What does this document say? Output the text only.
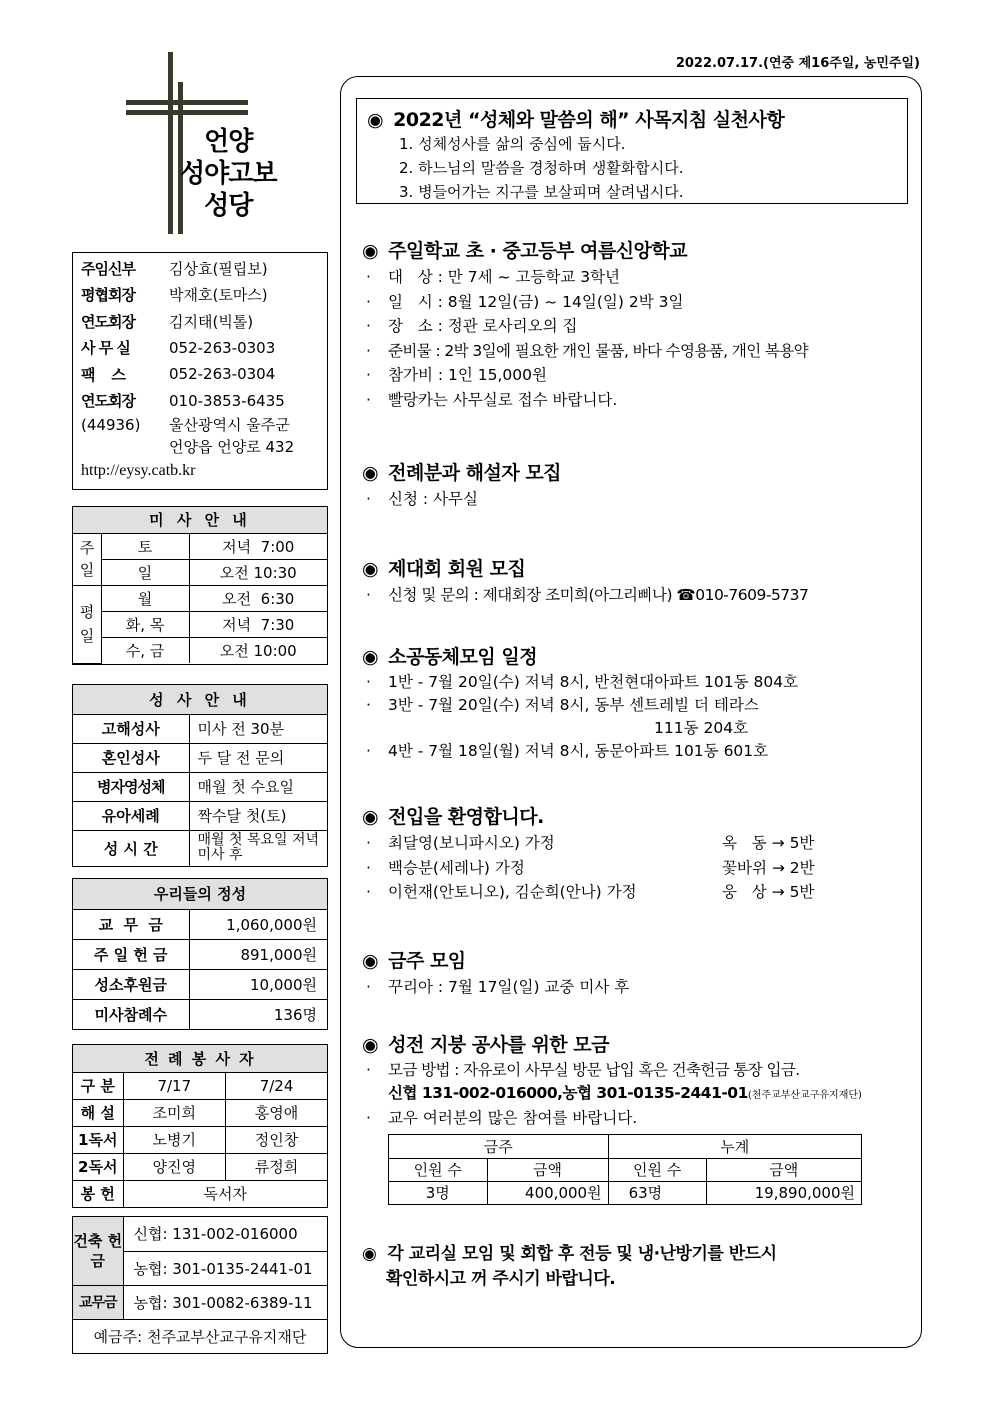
2022.07.17.(연중 제16주일, 농민주일)
언양
성야고보
성당
주임신부	김상효(필립보)
평협회장	박재호(토마스)
연도회장	김지태(빅톨)
사 무 실	052-263-0303
팩    스	052-263-0304
연도회장	010-3853-6435
(44936)	울산광역시 울주군
언양읍 언양로 432
http://eysy.catb.kr
미 사 안 내		
주일	토	저녁  7:00
	일	오전 10:30
평일	월	오전  6:30
	화, 목	저녁  7:30
	수, 금	오전 10:00
성 사 안 내	
고해성사	미사 전 30분
혼인성사	두 달 전 문의
병자영성체	매월 첫 수요일
유아세례	짝수달 첫(토)
성 시 간	매월 첫 목요일 저녁미사 후
우리들의 정성	
교  무  금	1,060,000원
주 일 헌 금	891,000원
성소후원금	10,000원
미사참례수	136명
전 례 봉 사 자		
구 분	7/17	7/24
해 설	조미희	홍영애
1독서	노병기	정인창
2독서	양진영	류정희
봉 헌	독서자	
건축 헌금	신협: 131-002-016000
	농협: 301-0135-2441-01
교무금	농협: 301-0082-6389-11
예금주: 천주교부산교구유지재단	
◉ 2022년 “성체와 말씀의 해” 사목지침 실천사항
1. 성체성사를 삶의 중심에 둡시다.
2. 하느님의 말씀을 경청하며 생활화합시다.
3. 병들어가는 지구를 보살피며 살려냅시다.
◉ 주일학교 초 · 중고등부 여름신앙학교
·	대   상 : 만 7세 ~ 고등학교 3학년
·	일   시 : 8월 12일(금) ~ 14일(일) 2박 3일
·	장   소 : 정관 로사리오의 집
·	준비물 : 2박 3일에 필요한 개인 물품, 바다 수영용품, 개인 복용약
·	참가비 : 1인 15,000원
·	빨랑카는 사무실로 접수 바랍니다.
◉ 전례분과 해설자 모집
·	신청 : 사무실
◉ 제대회 회원 모집
·	신청 및 문의 : 제대회장 조미희(아그리삐나) ☎010-7609-5737
◉ 소공동체모임 일정
·	1반 - 7월 20일(수) 저녁 8시, 반천현대아파트 101동 804호
·	3반 - 7월 20일(수) 저녁 8시, 동부 센트레빌 더 테라스
111동 204호
·	4반 - 7월 18일(월) 저녁 8시, 동문아파트 101동 601호
◉ 전입을 환영합니다.
·	최달영(보니파시오) 가정	옥   동 → 5반
·	백승분(세레나) 가정	꽃바위 → 2반
·	이헌재(안토니오), 김순희(안나) 가정	웅   상 → 5반
◉ 금주 모임
·	꾸리아 : 7월 17일(일) 교중 미사 후
◉ 성전 지붕 공사를 위한 모금
·	모금 방법 : 자유로이 사무실 방문 납입 혹은 건축헌금 통장 입금.
신협 131-002-016000,농협 301-0135-2441-01(천주교부산교구유지재단)
·	교우 여러분의 많은 참여를 바랍니다.
금주		누계	
인원 수	금액	인원 수	금액
3명	400,000원	63명	19,890,000원
◉ 각 교리실 모임 및 회합 후 전등 및 냉·난방기를 반드시
확인하시고 꺼 주시기 바랍니다.
